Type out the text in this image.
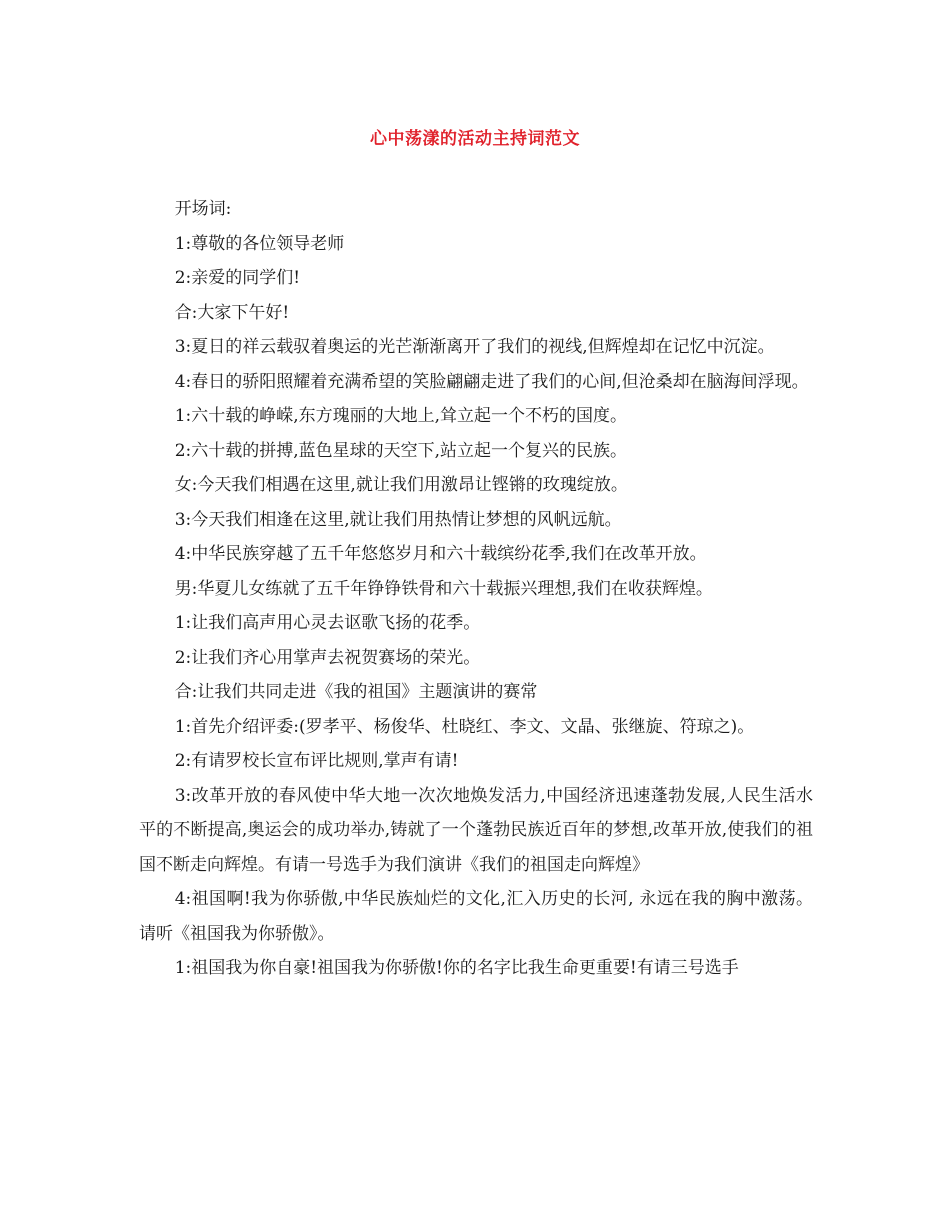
心中荡漾的活动主持词范文

开场词:

1:尊敬的各位领导老师

2:亲爱的同学们!

合:大家下午好!

3:夏日的祥云载驭着奥运的光芒渐渐离开了我们的视线,但辉煌却在记忆中沉淀。

4:春日的骄阳照耀着充满希望的笑脸翩翩走进了我们的心间,但沧桑却在脑海间浮现。

1:六十载的峥嵘,东方瑰丽的大地上,耸立起一个不朽的国度。

2:六十载的拼搏,蓝色星球的天空下,站立起一个复兴的民族。

女:今天我们相遇在这里,就让我们用激昂让铿锵的玫瑰绽放。

3:今天我们相逢在这里,就让我们用热情让梦想的风帆远航。

4:中华民族穿越了五千年悠悠岁月和六十载缤纷花季,我们在改革开放。

男:华夏儿女练就了五千年铮铮铁骨和六十载振兴理想,我们在收获辉煌。

1:让我们高声用心灵去讴歌飞扬的花季。

2:让我们齐心用掌声去祝贺赛场的荣光。

合:让我们共同走进《我的祖国》主题演讲的赛常

1:首先介绍评委:(罗孝平、杨俊华、杜晓红、李文、文晶、张继旋、符琼之)。

2:有请罗校长宣布评比规则,掌声有请!

3:改革开放的春风使中华大地一次次地焕发活力,中国经济迅速蓬勃发展,人民生活水平的不断提高,奥运会的成功举办,铸就了一个蓬勃民族近百年的梦想,改革开放,使我们的祖国不断走向辉煌。有请一号选手为我们演讲《我们的祖国走向辉煌》

4:祖国啊!我为你骄傲,中华民族灿烂的文化,汇入历史的长河, 永远在我的胸中激荡。请听《祖国我为你骄傲》。

1:祖国我为你自豪!祖国我为你骄傲!你的名字比我生命更重要!有请三号选手
